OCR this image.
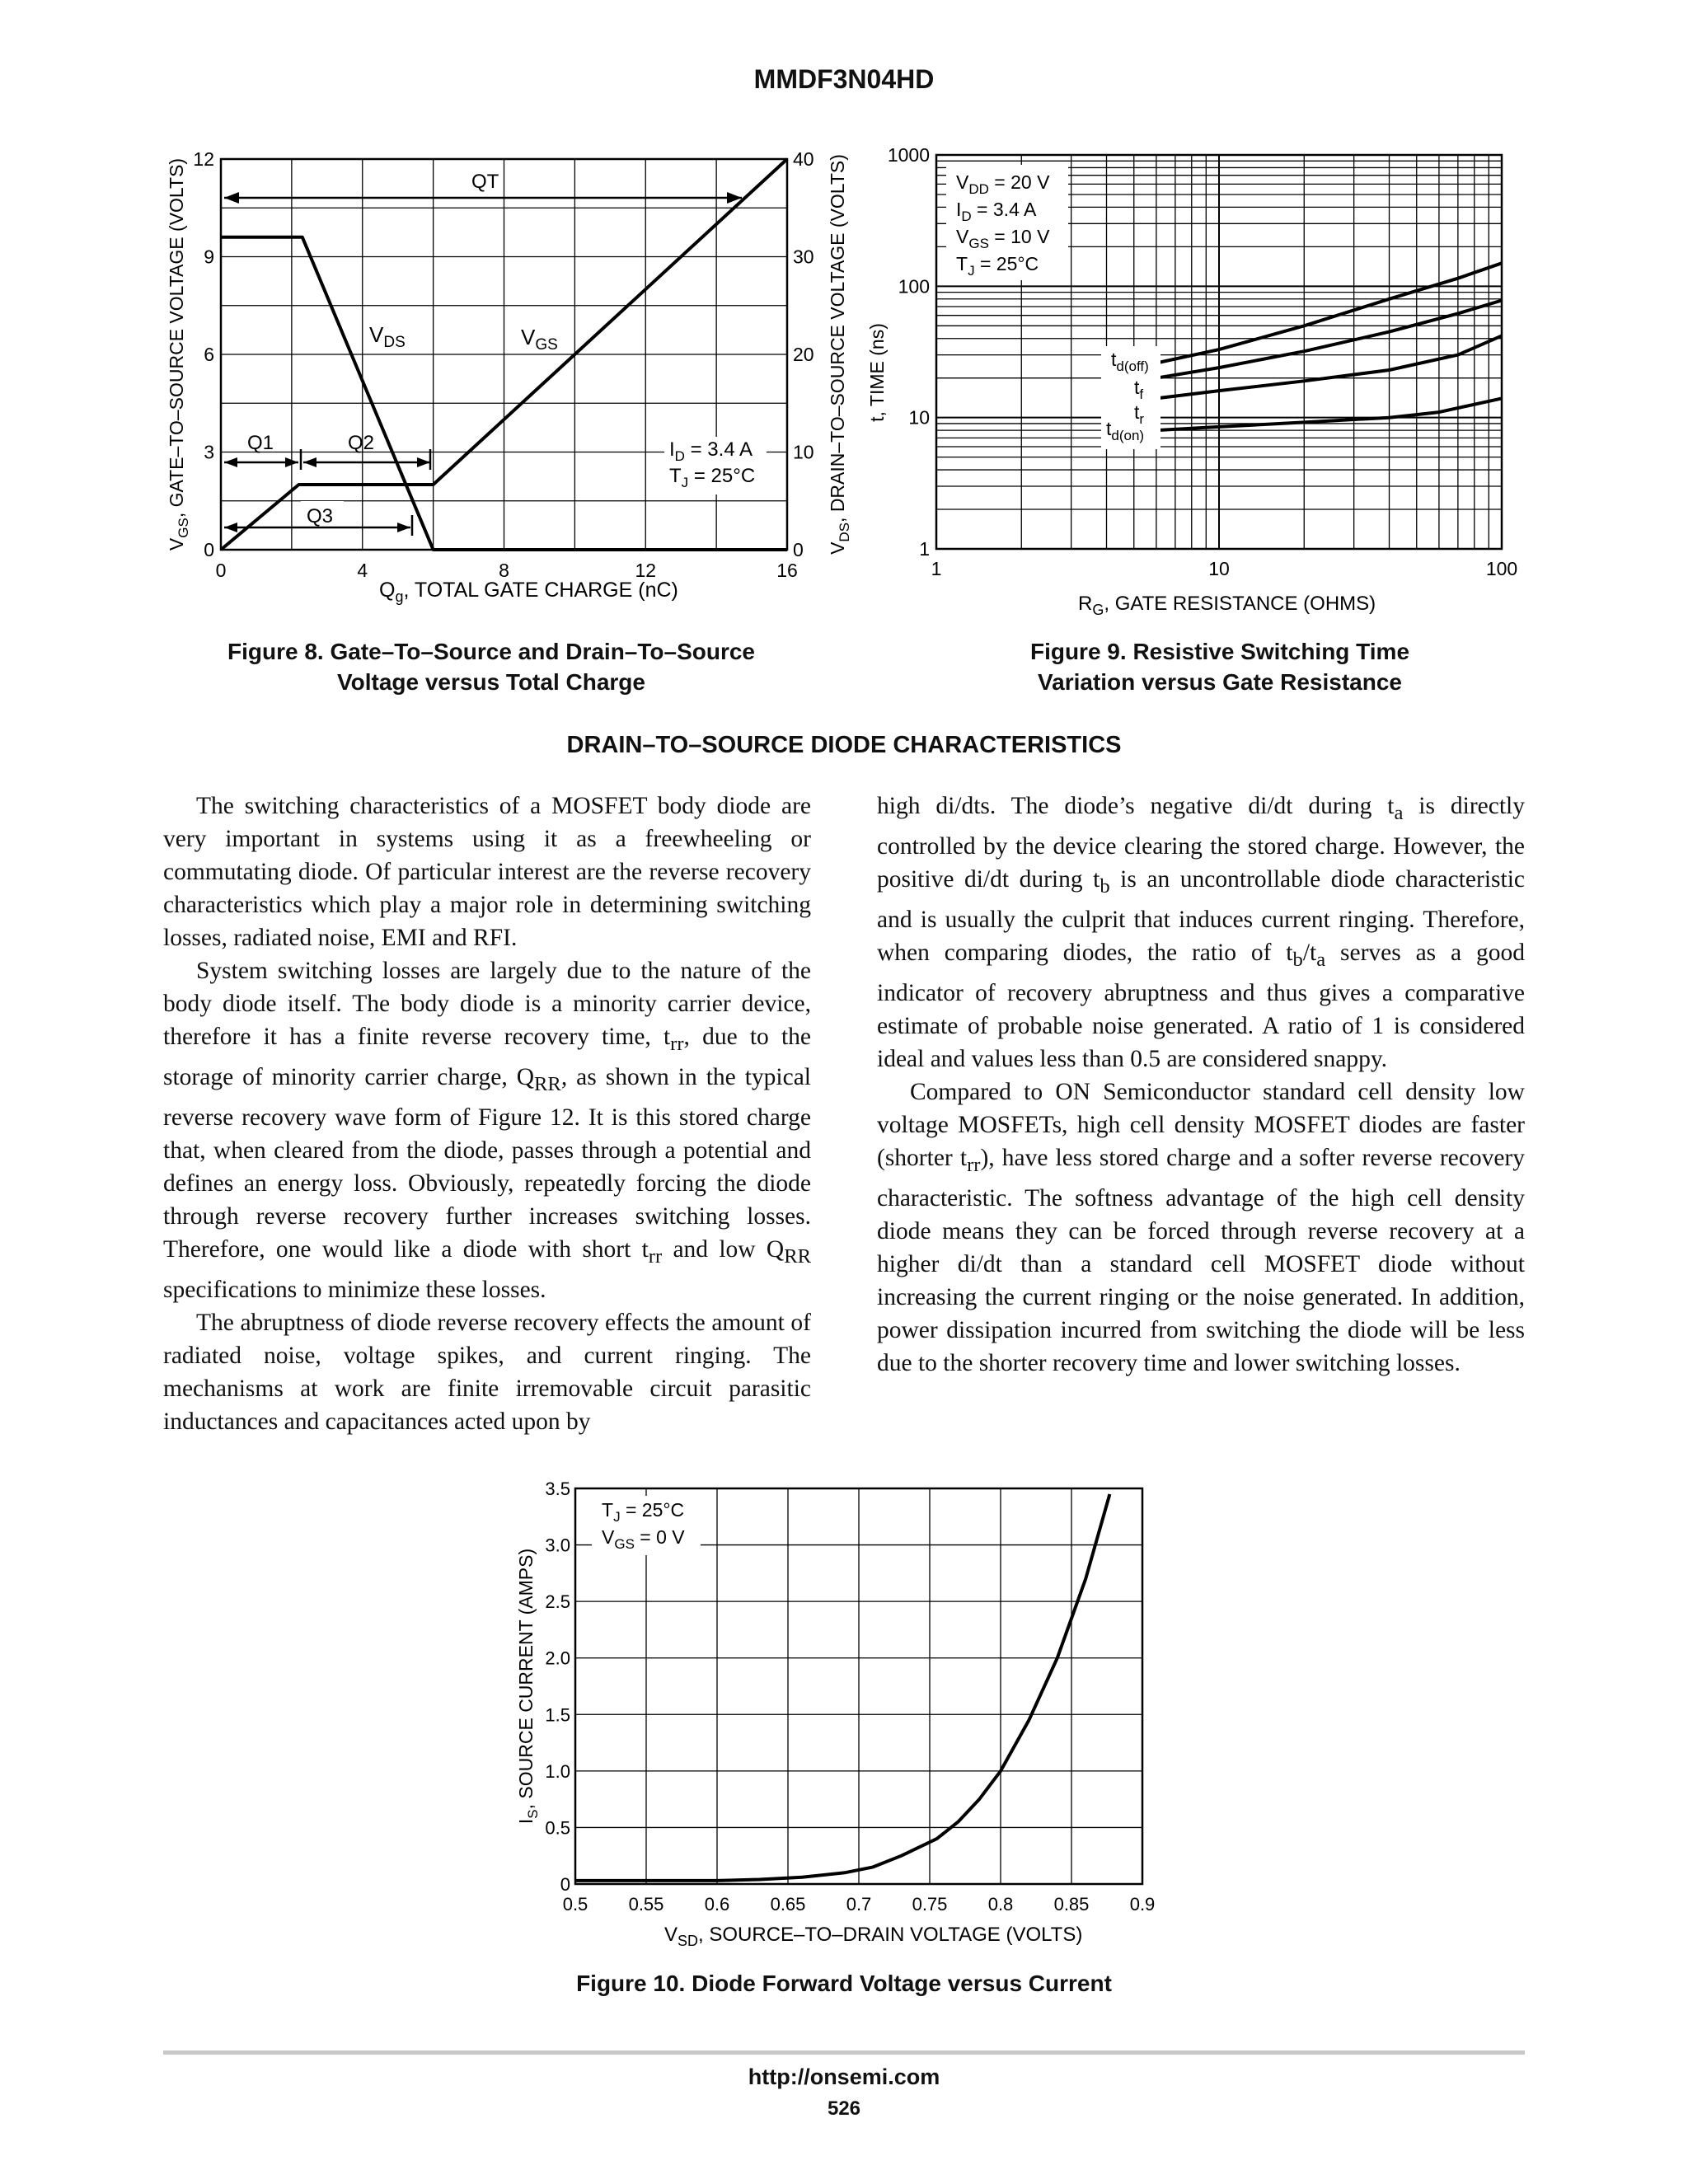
MMDF3N04HD
0	4	8	12	16
0
3
6
9
12
0
10
20
30
40
$V_{DS}$	$V_{GS}$
QT
Q1	Q2
Q3
$I_D = 3.4$ A
$T_J = 25^\circ C$
$Q_g$, TOTAL GATE CHARGE (nC)
$V_{GS}$, GATE–TO–SOURCE VOLTAGE (VOLTS)
$V_{DS}$, DRAIN–TO–SOURCE VOLTAGE (VOLTS)
1	10	100
1
10
100
1000
$V_{DD} = 20$ V
$I_D = 3.4$ A
$V_{GS} = 10$ V
$T_J = 25^\circ C$
$t_{d(off)}$
$t_f$
$t_r$
$t_{d(on)}$
$R_G$, GATE RESISTANCE (OHMS)
t, TIME (ns)
Figure 8. Gate–To–Source and Drain–To–Source
Voltage versus Total Charge
Figure 9. Resistive Switching Time
Variation versus Gate Resistance
DRAIN–TO–SOURCE DIODE CHARACTERISTICS

The switching characteristics of a MOSFET body diode are very important in systems using it as a freewheeling or commutating diode. Of particular interest are the reverse recovery characteristics which play a major role in determining switching losses, radiated noise, EMI and RFI.

System switching losses are largely due to the nature of the body diode itself. The body diode is a minority carrier device, therefore it has a finite reverse recovery time, $t_{rr}$, due to the storage of minority carrier charge, $Q_{RR}$, as shown in the typical reverse recovery wave form of Figure 12. It is this stored charge that, when cleared from the diode, passes through a potential and defines an energy loss. Obviously, repeatedly forcing the diode through reverse recovery further increases switching losses. Therefore, one would like a diode with short $t_{rr}$ and low $Q_{RR}$ specifications to minimize these losses.

The abruptness of diode reverse recovery effects the amount of radiated noise, voltage spikes, and current ringing. The mechanisms at work are finite irremovable circuit parasitic inductances and capacitances acted upon by

high di/dts. The diode’s negative di/dt during $t_a$ is directly controlled by the device clearing the stored charge. However, the positive di/dt during $t_b$ is an uncontrollable diode characteristic and is usually the culprit that induces current ringing. Therefore, when comparing diodes, the ratio of $t_b/t_a$ serves as a good indicator of recovery abruptness and thus gives a comparative estimate of probable noise generated. A ratio of 1 is considered ideal and values less than 0.5 are considered snappy.

Compared to ON Semiconductor standard cell density low voltage MOSFETs, high cell density MOSFET diodes are faster (shorter $t_{rr}$), have less stored charge and a softer reverse recovery characteristic. The softness advantage of the high cell density diode means they can be forced through reverse recovery at a higher di/dt than a standard cell MOSFET diode without increasing the current ringing or the noise generated. In addition, power dissipation incurred from switching the diode will be less due to the shorter recovery time and lower switching losses.

0.5 0.55 0.6 0.65 0.7 0.75 0.8 0.85 0.9
0
0.5
1.0
1.5
2.0
2.5
3.0
3.5
$T_J = 25^\circ C$
$V_{GS} = 0$ V
$V_{SD}$, SOURCE–TO–DRAIN VOLTAGE (VOLTS)
$I_S$, SOURCE CURRENT (AMPS)
Figure 10. Diode Forward Voltage versus Current
http://onsemi.com
526
